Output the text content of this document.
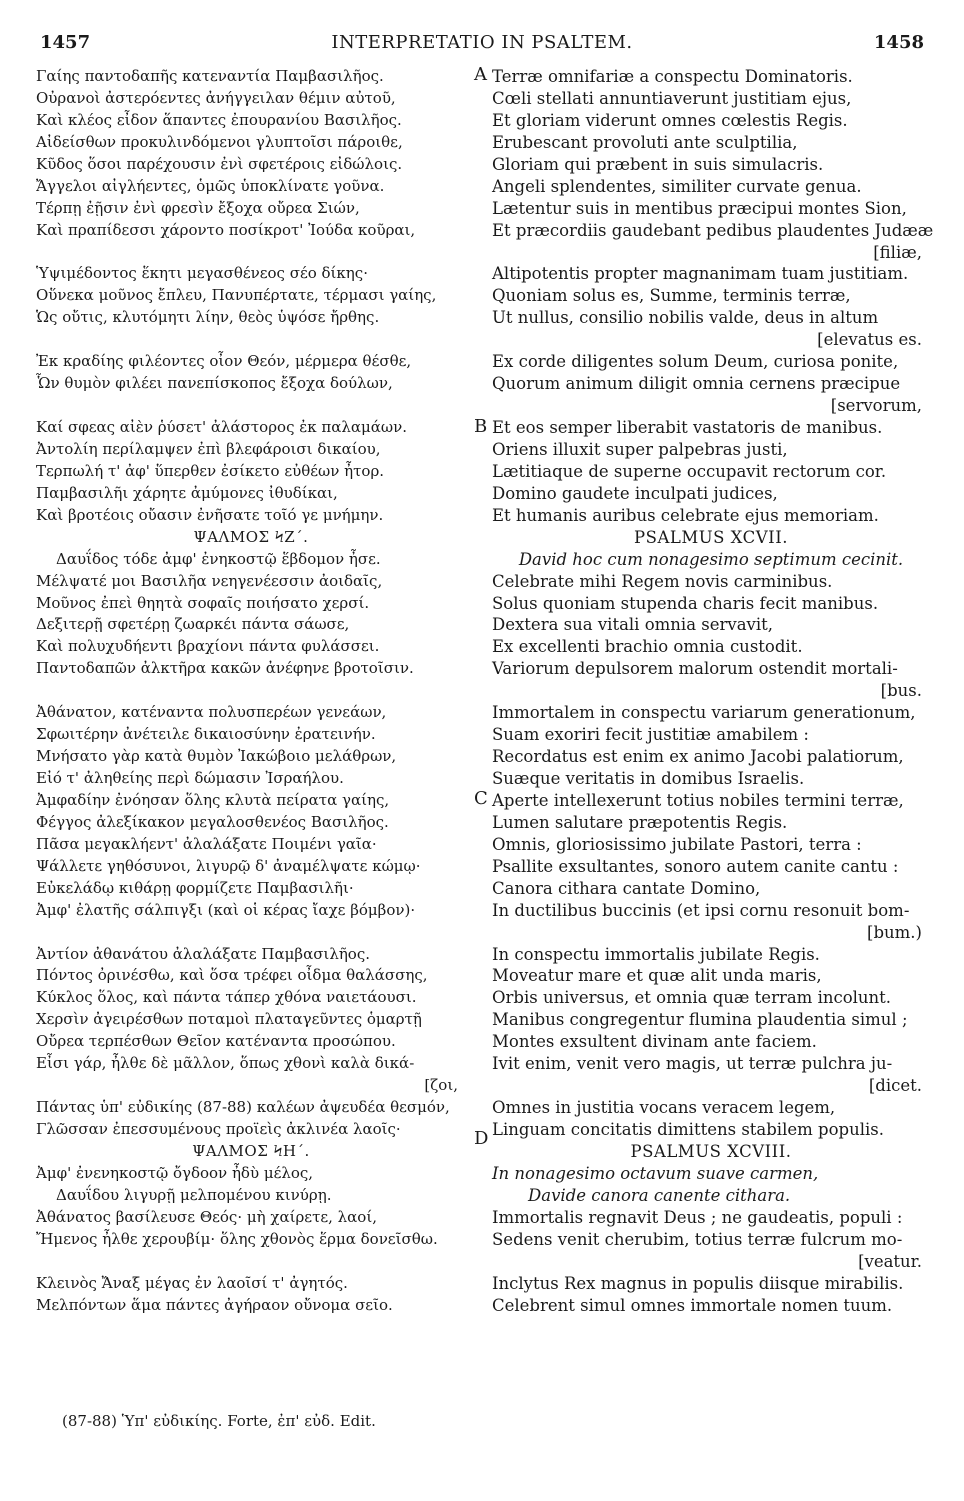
1457	INTERPRETATIO IN PSALTEM.	1458
Γαίης παντοδαπῆς κατεναντία Παμβασιλῆος.
Οὐρανοὶ ἀστερόεντες ἀνήγγειλαν θέμιν αὐτοῦ,
Καὶ κλέος εἶδον ἅπαντες ἐπουρανίου Βασιλῆος.
Αἰδείσθων προκυλινδόμενοι γλυπτοῖσι πάροιθε,
Κῦδος ὅσοι παρέχουσιν ἐνὶ σφετέροις εἰδώλοις.
Ἄγγελοι αἰγλήεντες, ὁμῶς ὑποκλίνατε γοῦνα.
Τέρπῃ ἐῇσιν ἐνὶ φρεσὶν ἔξοχα οὔρεα Σιών,
Καὶ πραπίδεσσι χάροντο ποσίκροτ' Ἰούδα κοῦραι,
Ὑψιμέδοντος ἕκητι μεγασθένεος σέο δίκης·
Οὕνεκα μοῦνος ἔπλευ, Πανυπέρτατε, τέρμασι γαίης,
Ὡς οὔτις, κλυτόμητι λίην, θεὸς ὑψόσε ἤρθης.
Ἐκ κραδίης φιλέοντες οἶον Θεόν, μέρμερα θέσθε,
Ὧν θυμὸν φιλέει πανεπίσκοπος ἔξοχα δούλων,
Καί σφεας αἰὲν ῥύσετ' ἀλάστορος ἐκ παλαμάων.
Ἀντολίη περίλαμψεν ἐπὶ βλεφάροισι δικαίου,
Τερπωλή τ' ἀφ' ὕπερθεν ἐσίκετο εὐθέων ἦτορ.
Παμβασιλῆι χάρητε ἀμύμονες ἰθυδίκαι,
Καὶ βροτέοις οὔασιν ἐνῆσατε τοῖό γε μνήμην.
ΨΑΛΜΟΣ ϞΖ΄.
Δαυΐδος τόδε ἀμφ' ἐνηκοστῷ ἕβδομον ἦσε.
Μέλψατέ μοι Βασιλῆα νεηγενέεσσιν ἀοιδαῖς,
Μοῦνος ἐπεὶ θηητὰ σοφαῖς ποιήσατο χερσί.
Δεξιτερῇ σφετέρῃ ζωαρκέι πάντα σάωσε,
Καὶ πολυχυδήεντι βραχίονι πάντα φυλάσσει.
Παντοδαπῶν ἀλκτῆρα κακῶν ἀνέφηνε βροτοῖσιν.
Ἀθάνατον, κατέναντα πολυσπερέων γενεάων,
Σφωιτέρην ἀνέτειλε δικαιοσύνην ἐρατεινήν.
Μνήσατο γὰρ κατὰ θυμὸν Ἰακώβοιο μελάθρων,
Εἰό τ' ἀληθείης περὶ δώμασιν Ἰσραήλου.
Ἀμφαδίην ἐνόησαν ὅλης κλυτὰ πείρατα γαίης,
Φέγγος ἀλεξίκακον μεγαλοσθενέος Βασιλῆος.
Πᾶσα μεγακλήεντ' ἀλαλάξατε Ποιμένι γαῖα·
Ψάλλετε γηθόσυνοι, λιγυρῷ δ' ἀναμέλψατε κώμῳ·
Εὐκελάδῳ κιθάρῃ φορμίζετε Παμβασιλῆι·
Ἀμφ' ἐλατῆς σάλπιγξι (καὶ οἱ κέρας ἴαχε βόμβον)·
Ἀντίον ἀθανάτου ἀλαλάξατε Παμβασιλῆος.
Πόντος ὀρινέσθω, καὶ ὅσα τρέφει οἶδμα θαλάσσης,
Κύκλος ὅλος, καὶ πάντα τάπερ χθόνα ναιετάουσι.
Χερσὶν ἀγειρέσθων ποταμοὶ πλαταγεῦντες ὁμαρτῇ
Οὔρεα τερπέσθων Θεῖον κατέναντα προσώπου.
Εἶσι γάρ, ἦλθε δὲ μᾶλλον, ὅπως χθονὶ καλὰ δικά-
[ζοι,
Πάντας ὑπ' εὐδικίης (87-88) καλέων ἀψευδέα θεσμόν,
Γλῶσσαν ἐπεσσυμένους προϊεὶς ἀκλινέα λαοῖς·
ΨΑΛΜΟΣ ϞΗ΄.
Ἀμφ' ἐνενηκοστῷ ὄγδοον ἦδὺ μέλος,
Δαυΐδου λιγυρῇ μελπομένου κινύρῃ.
Ἀθάνατος βασίλευσε Θεός· μὴ χαίρετε, λαοί,
Ἤμενος ἦλθε χερουβίμ· ὅλης χθονὸς ἕρμα δονεῖσθω.
Κλεινὸς Ἄναξ μέγας ἐν λαοῖσί τ' ἀγητός.
Μελπόντων ἅμα πάντες ἀγήραον οὔνομα σεῖο.
Terræ omnifariæ a conspectu Dominatoris.
Cœli stellati annuntiaverunt justitiam ejus,
Et gloriam viderunt omnes cœlestis Regis.
Erubescant provoluti ante sculptilia,
Gloriam qui præbent in suis simulacris.
Angeli splendentes, similiter curvate genua.
Lætentur suis in mentibus præcipui montes Sion,
Et præcordiis gaudebant pedibus plaudentes Judææ
[filiæ,
Altipotentis propter magnanimam tuam justitiam.
Quoniam solus es, Summe, terminis terræ,
Ut nullus, consilio nobilis valde, deus in altum
[elevatus es.
Ex corde diligentes solum Deum, curiosa ponite,
Quorum animum diligit omnia cernens præcipue
[servorum,
Et eos semper liberabit vastatoris de manibus.
Oriens illuxit super palpebras justi,
Lætitiaque de superne occupavit rectorum cor.
Domino gaudete inculpati judices,
Et humanis auribus celebrate ejus memoriam.
PSALMUS XCVII.
David hoc cum nonagesimo septimum cecinit.
Celebrate mihi Regem novis carminibus.
Solus quoniam stupenda charis fecit manibus.
Dextera sua vitali omnia servavit,
Ex excellenti brachio omnia custodit.
Variorum depulsorem malorum ostendit mortali-
[bus.
Immortalem in conspectu variarum generationum,
Suam exoriri fecit justitiæ amabilem :
Recordatus est enim ex animo Jacobi palatiorum,
Suæque veritatis in domibus Israelis.
Aperte intellexerunt totius nobiles termini terræ,
Lumen salutare præpotentis Regis.
Omnis, gloriosissimo jubilate Pastori, terra :
Psallite exsultantes, sonoro autem canite cantu :
Canora cithara cantate Domino,
In ductilibus buccinis (et ipsi cornu resonuit bom-
[bum.)
In conspectu immortalis jubilate Regis.
Moveatur mare et quæ alit unda maris,
Orbis universus, et omnia quæ terram incolunt.
Manibus congregentur flumina plaudentia simul ;
Montes exsultent divinam ante faciem.
Ivit enim, venit vero magis, ut terræ pulchra ju-
[dicet.
Omnes in justitia vocans veracem legem,
Linguam concitatis dimittens stabilem populis.
PSALMUS XCVIII.
In nonagesimo octavum suave carmen,
Davide canora canente cithara.
Immortalis regnavit Deus ; ne gaudeatis, populi :
Sedens venit cherubim, totius terræ fulcrum mo-
[veatur.
Inclytus Rex magnus in populis diisque mirabilis.
Celebrent simul omnes immortale nomen tuum.
A
B
C
D
(87-88) Ὑπ' εὐδικίης. Forte, ἐπ' εὐδ. Edit.
